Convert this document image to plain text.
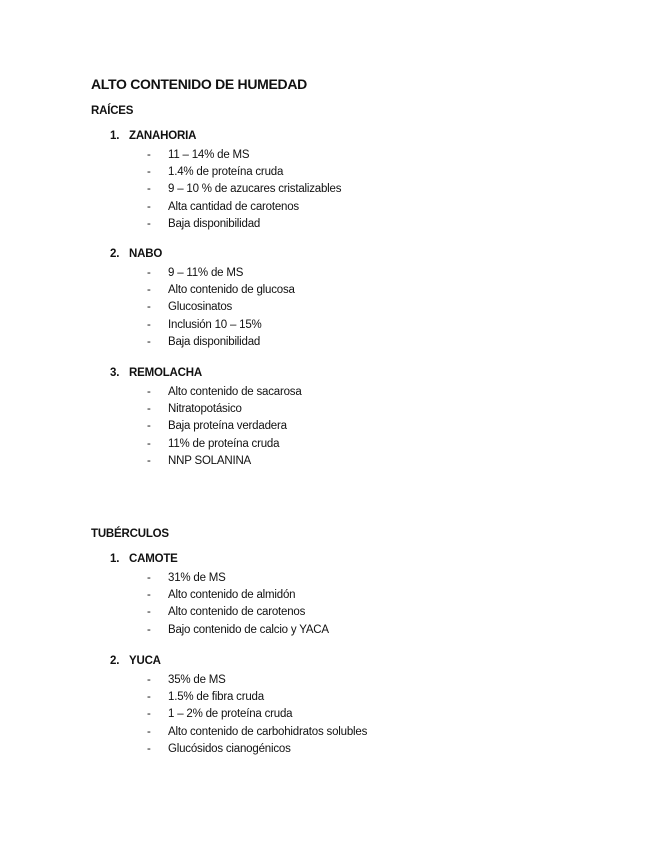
ALTO CONTENIDO DE HUMEDAD
RAÍCES
1. ZANAHORIA
- 11 – 14% de MS
- 1.4% de proteína cruda
- 9 – 10 % de azucares cristalizables
- Alta cantidad de carotenos
- Baja disponibilidad
2. NABO
- 9 – 11% de MS
- Alto contenido de glucosa
- Glucosinatos
- Inclusión 10 – 15%
- Baja disponibilidad
3. REMOLACHA
- Alto contenido de sacarosa
- Nitratopotásico
- Baja proteína verdadera
- 11% de proteína cruda
- NNP SOLANINA
TUBÉRCULOS
1. CAMOTE
- 31% de MS
- Alto contenido de almidón
- Alto contenido de carotenos
- Bajo contenido de calcio y YACA
2. YUCA
- 35% de MS
- 1.5% de fibra cruda
- 1 – 2% de proteína cruda
- Alto contenido de carbohidratos solubles
- Glucósidos cianogénicos
